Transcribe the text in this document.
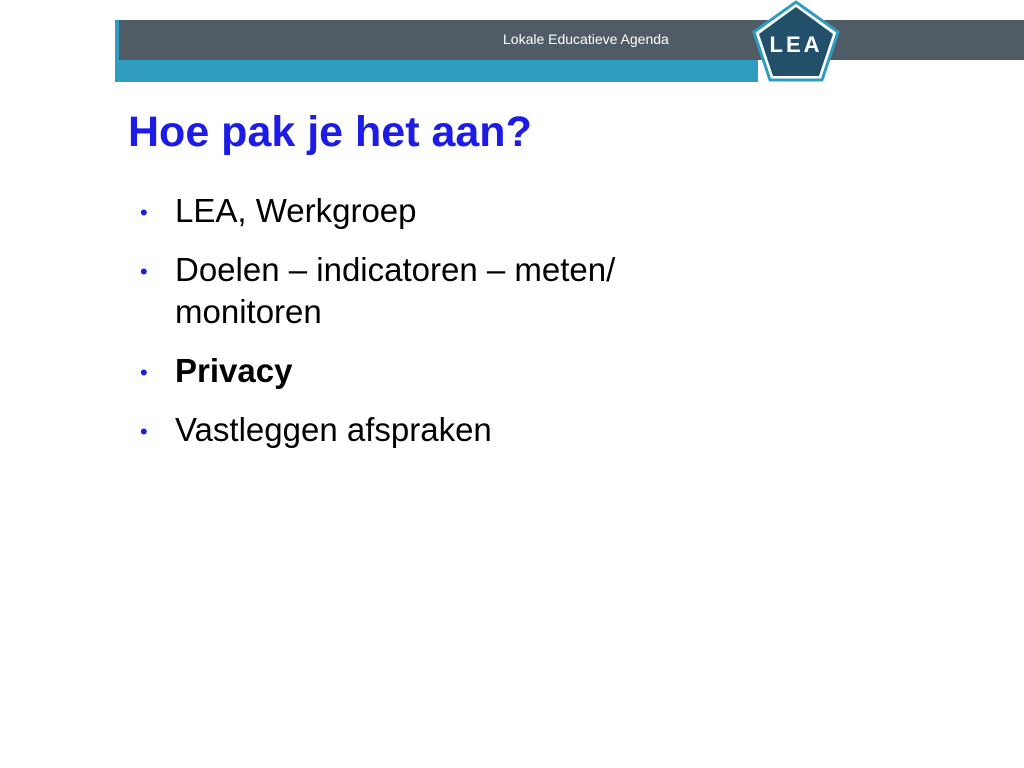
Lokale Educatieve Agenda	LEA
Hoe pak je het aan?
• LEA, Werkgroep
• Doelen – indicatoren – meten/ monitoren
• Privacy
• Vastleggen afspraken
